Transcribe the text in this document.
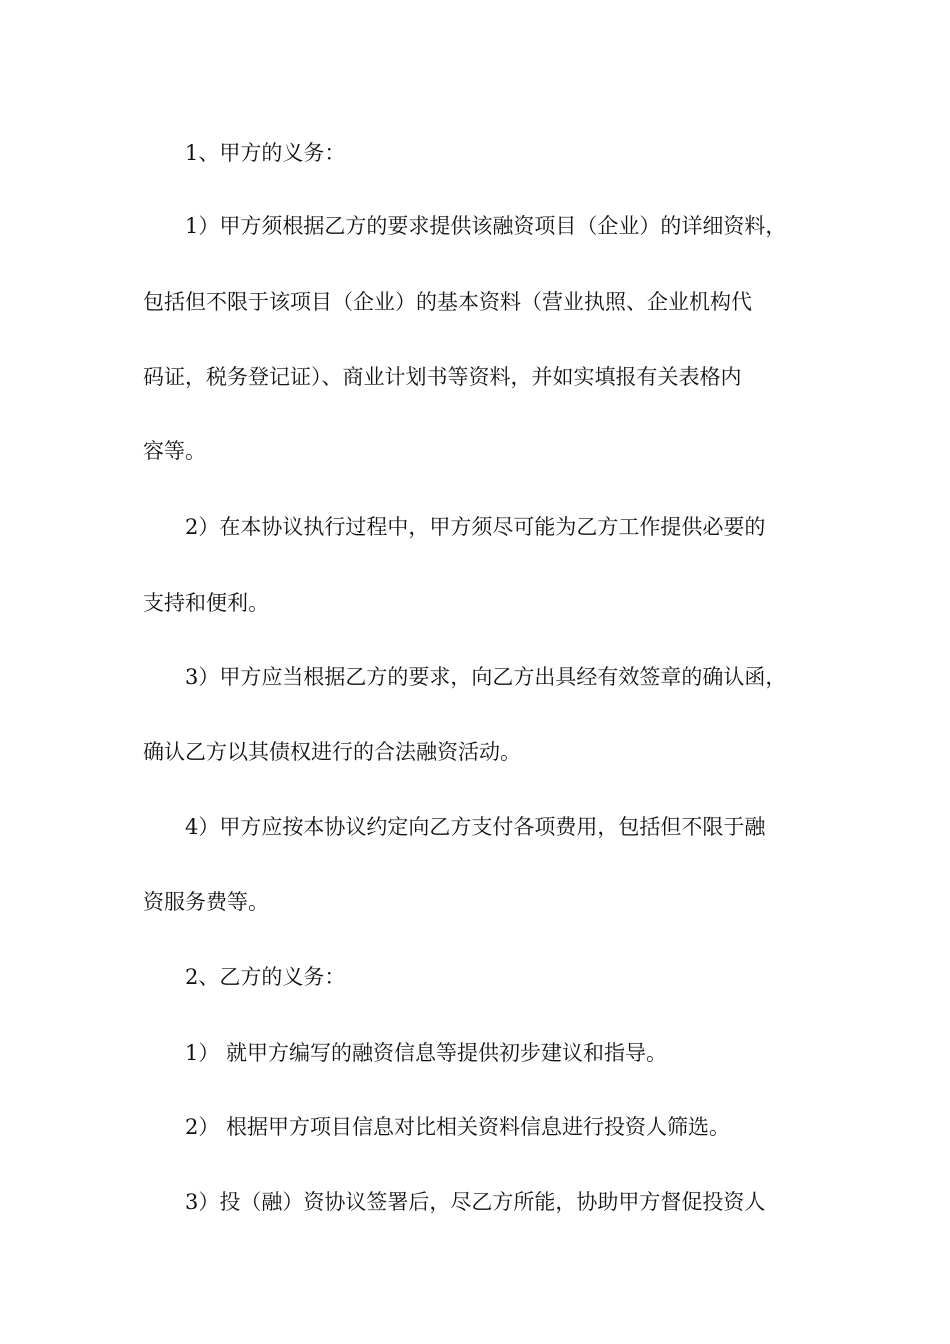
1、甲方的义务：
1）甲方须根据乙方的要求提供该融资项目（企业）的详细资料，
包括但不限于该项目（企业）的基本资料（营业执照、企业机构代
码证，税务登记证）、商业计划书等资料，并如实填报有关表格内
容等。
2）在本协议执行过程中，甲方须尽可能为乙方工作提供必要的
支持和便利。
3）甲方应当根据乙方的要求，向乙方出具经有效签章的确认函，
确认乙方以其债权进行的合法融资活动。
4）甲方应按本协议约定向乙方支付各项费用，包括但不限于融
资服务费等。
2、乙方的义务：
1） 就甲方编写的融资信息等提供初步建议和指导。
2） 根据甲方项目信息对比相关资料信息进行投资人筛选。
3）投（融）资协议签署后，尽乙方所能，协助甲方督促投资人
